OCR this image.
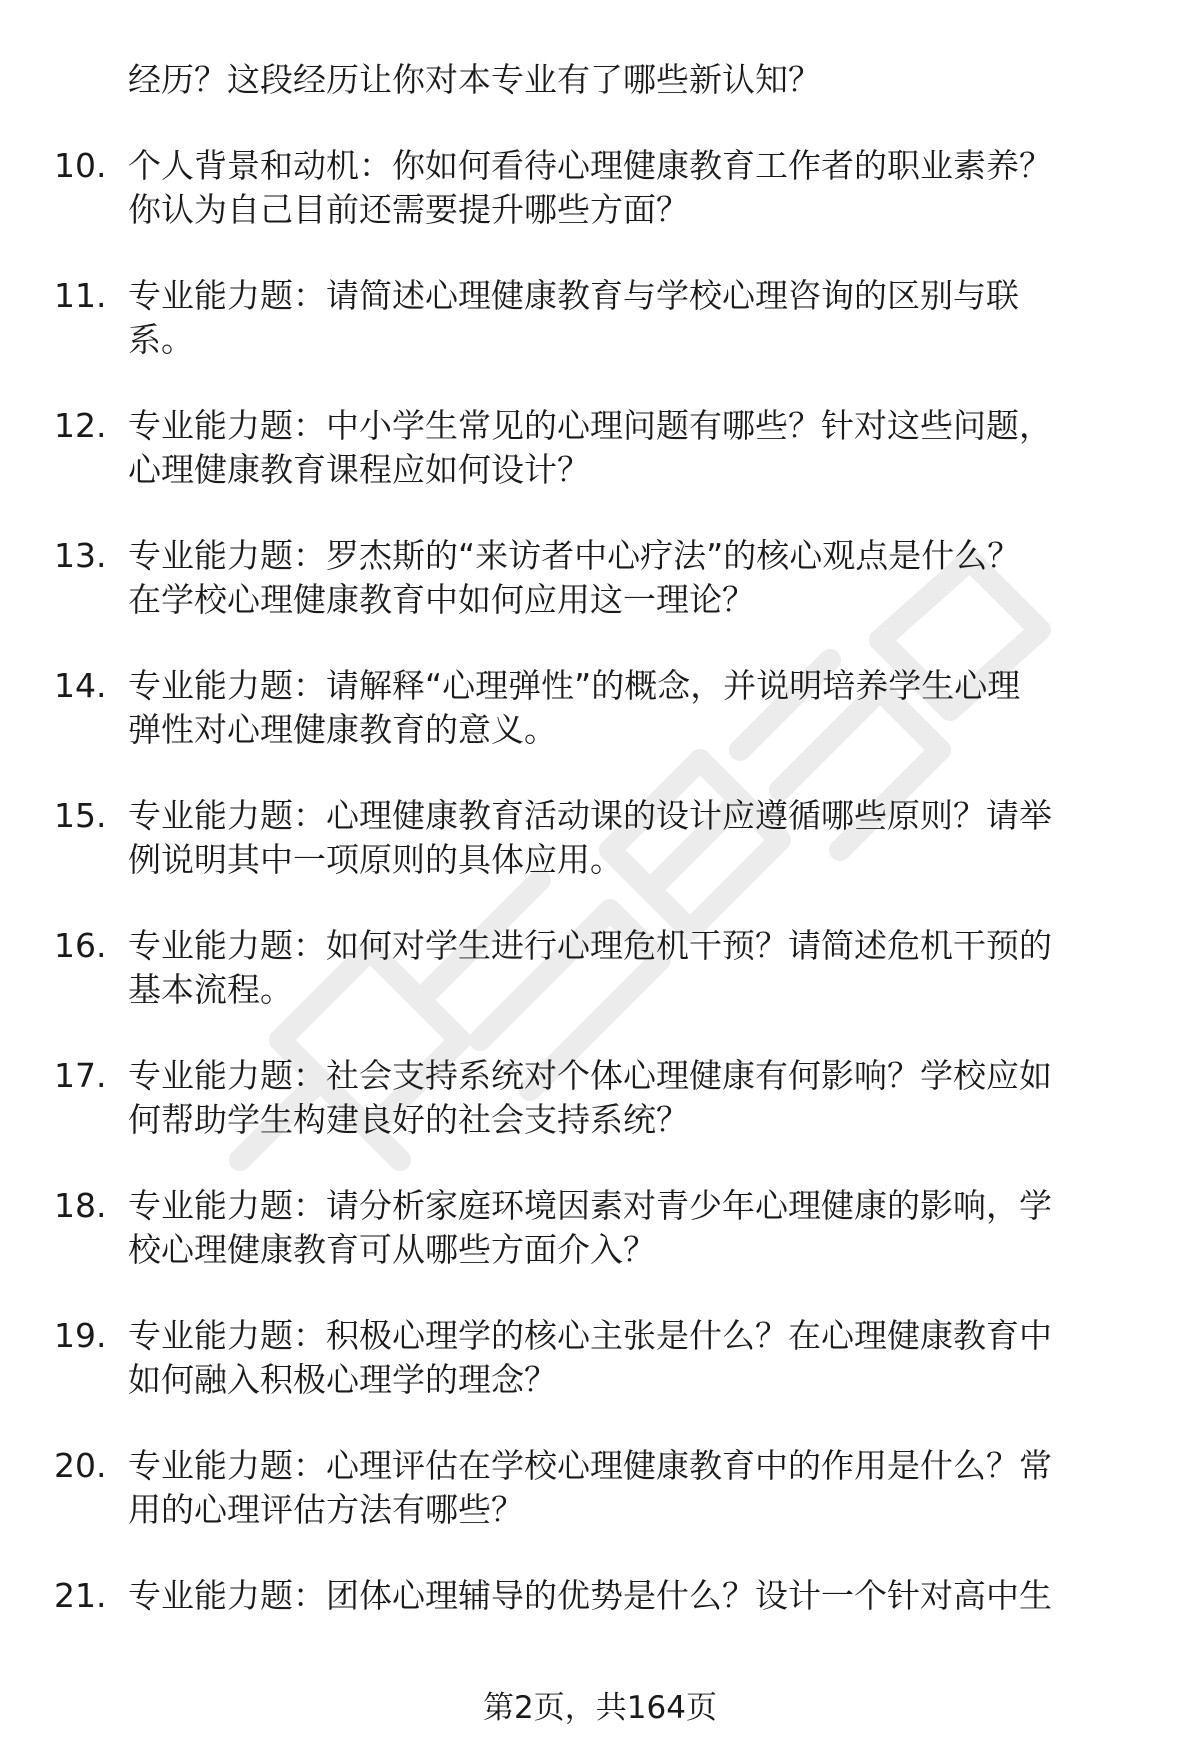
经历？这段经历让你对本专业有了哪些新认知？
10. 个人背景和动机：你如何看待心理健康教育工作者的职业素养？
你认为自己目前还需要提升哪些方面？
11. 专业能力题：请简述心理健康教育与学校心理咨询的区别与联
系。
12. 专业能力题：中小学生常见的心理问题有哪些？针对这些问题，
心理健康教育课程应如何设计？
13. 专业能力题：罗杰斯的“来访者中心疗法”的核心观点是什么？
在学校心理健康教育中如何应用这一理论？
14. 专业能力题：请解释“心理弹性”的概念，并说明培养学生心理
弹性对心理健康教育的意义。
15. 专业能力题：心理健康教育活动课的设计应遵循哪些原则？请举
例说明其中一项原则的具体应用。
16. 专业能力题：如何对学生进行心理危机干预？请简述危机干预的
基本流程。
17. 专业能力题：社会支持系统对个体心理健康有何影响？学校应如
何帮助学生构建良好的社会支持系统？
18. 专业能力题：请分析家庭环境因素对青少年心理健康的影响，学
校心理健康教育可从哪些方面介入？
19. 专业能力题：积极心理学的核心主张是什么？在心理健康教育中
如何融入积极心理学的理念？
20. 专业能力题：心理评估在学校心理健康教育中的作用是什么？常
用的心理评估方法有哪些？
21. 专业能力题：团体心理辅导的优势是什么？设计一个针对高中生
第2页，共164页
